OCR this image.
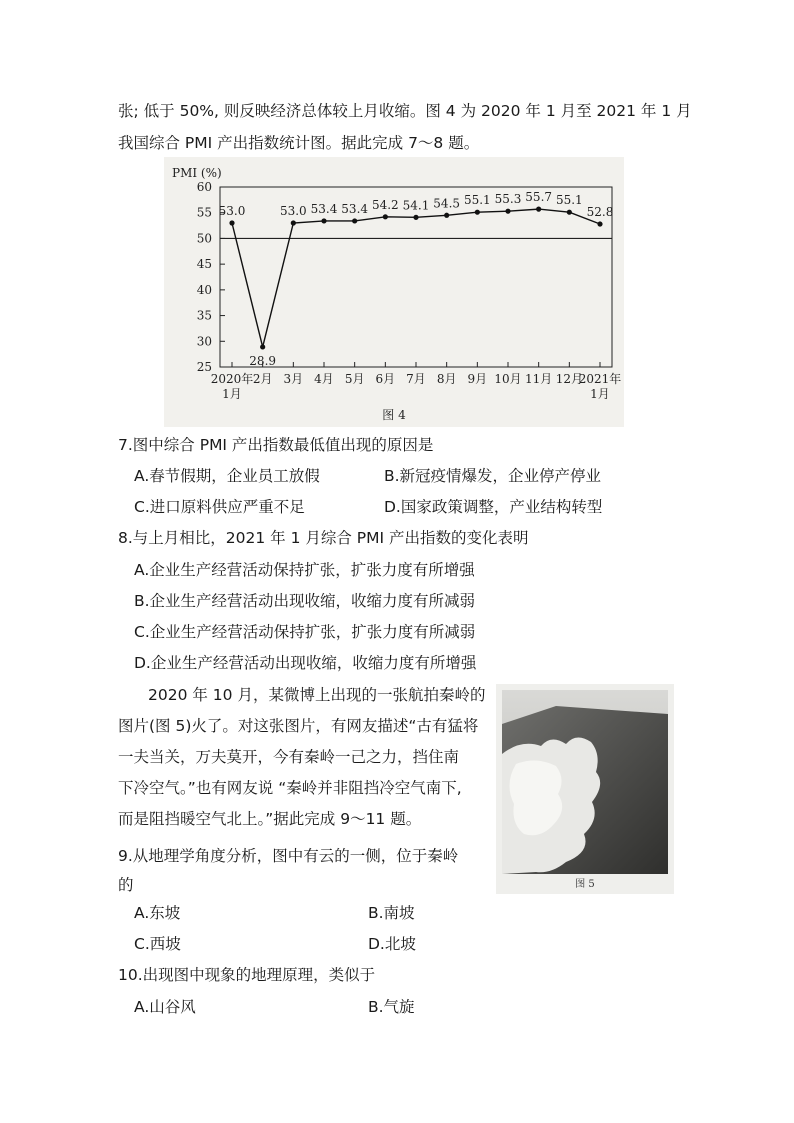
张; 低于 50%, 则反映经济总体较上月收缩。图 4 为 2020 年 1 月至 2021 年 1 月
我国综合 PMI 产出指数统计图。据此完成 7～8 题。
PMI (%)
25
30
35
40
45
50
55
60
2020年
1月
2月 3月 4月 5月 6月 7月 8月 9月 10月 11月 12月
2021年
1月
53.0
28.9
53.0 53.4 53.4 54.2 54.1 54.5 55.1 55.3 55.7 55.1
52.8
图 4
7.图中综合 PMI 产出指数最低值出现的原因是
A.春节假期，企业员工放假	B.新冠疫情爆发，企业停产停业
C.进口原料供应严重不足	D.国家政策调整，产业结构转型
8.与上月相比，2021 年 1 月综合 PMI 产出指数的变化表明
A.企业生产经营活动保持扩张，扩张力度有所增强
B.企业生产经营活动出现收缩，收缩力度有所减弱
C.企业生产经营活动保持扩张，扩张力度有所减弱
D.企业生产经营活动出现收缩，收缩力度有所增强
2020 年 10 月，某微博上出现的一张航拍秦岭的
图片(图 5)火了。对这张图片，有网友描述“古有猛将
一夫当关，万夫莫开，今有秦岭一己之力，挡住南
下冷空气。”也有网友说 “秦岭并非阻挡冷空气南下,
而是阻挡暖空气北上。”据此完成 9～11 题。
图 5
9.从地理学角度分析，图中有云的一侧，位于秦岭
的
A.东坡	B.南坡
C.西坡	D.北坡
10.出现图中现象的地理原理，类似于
A.山谷风	B.气旋
